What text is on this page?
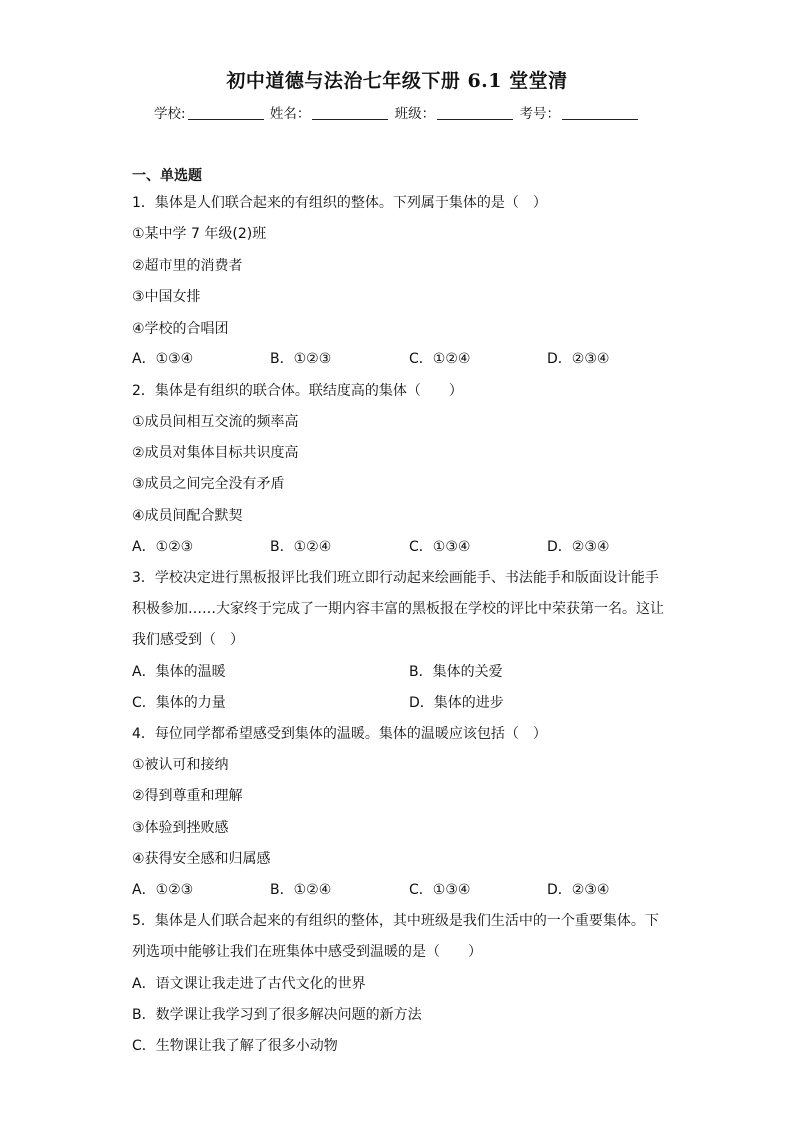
初中道德与法治七年级下册 6.1 堂堂清
学校:	姓名：	班级：	考号：
一、单选题
1．集体是人们联合起来的有组织的整体。下列属于集体的是（　）
①某中学 7 年级(2)班
②超市里的消费者
③中国女排
④学校的合唱团
A．①③④	B．①②③	C．①②④	D．②③④
2．集体是有组织的联合体。联结度高的集体（　　）
①成员间相互交流的频率高
②成员对集体目标共识度高
③成员之间完全没有矛盾
④成员间配合默契
A．①②③	B．①②④	C．①③④	D．②③④
3．学校决定进行黑板报评比我们班立即行动起来绘画能手、书法能手和版面设计能手
积极参加……大家终于完成了一期内容丰富的黑板报在学校的评比中荣获第一名。这让
我们感受到（　）
A．集体的温暖	B．集体的关爱
C．集体的力量	D．集体的进步
4．每位同学都希望感受到集体的温暖。集体的温暖应该包括（　）
①被认可和接纳
②得到尊重和理解
③体验到挫败感
④获得安全感和归属感
A．①②③	B．①②④	C．①③④	D．②③④
5．集体是人们联合起来的有组织的整体，其中班级是我们生活中的一个重要集体。下
列选项中能够让我们在班集体中感受到温暖的是（　　）
A．语文课让我走进了古代文化的世界
B．数学课让我学习到了很多解决问题的新方法
C．生物课让我了解了很多小动物
